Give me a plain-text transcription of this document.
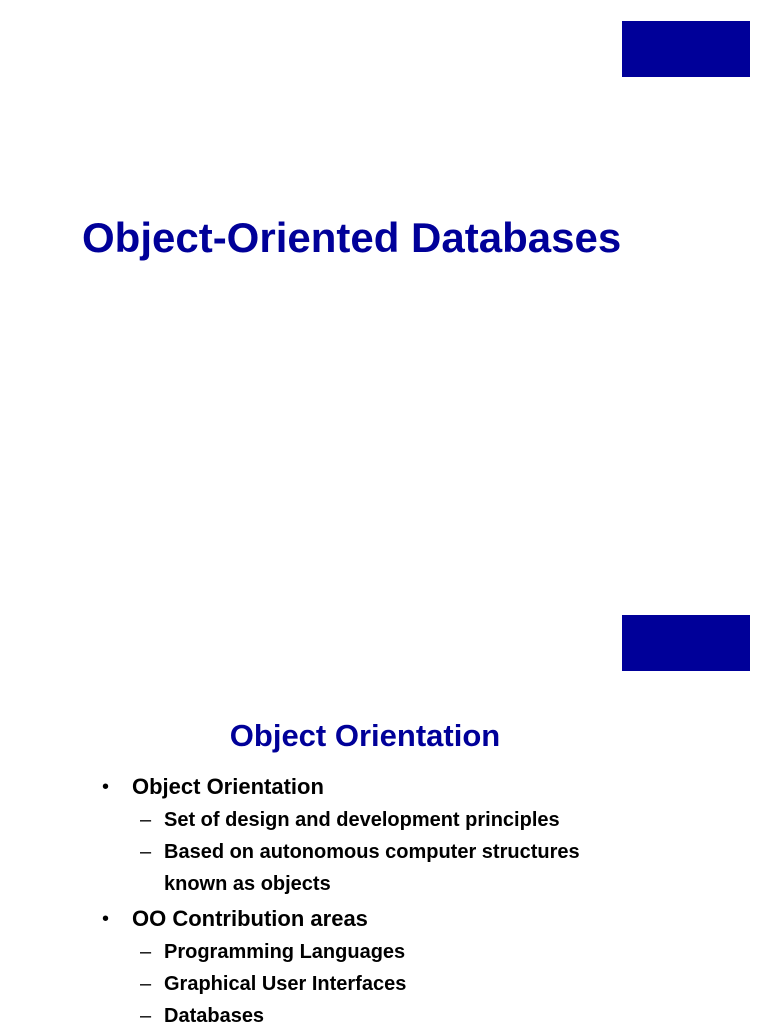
Object-Oriented Databases
Object Orientation
• Object Orientation
– Set of design and development principles
– Based on autonomous computer structures
known as objects
• OO Contribution areas
– Programming Languages
– Graphical User Interfaces
– Databases
